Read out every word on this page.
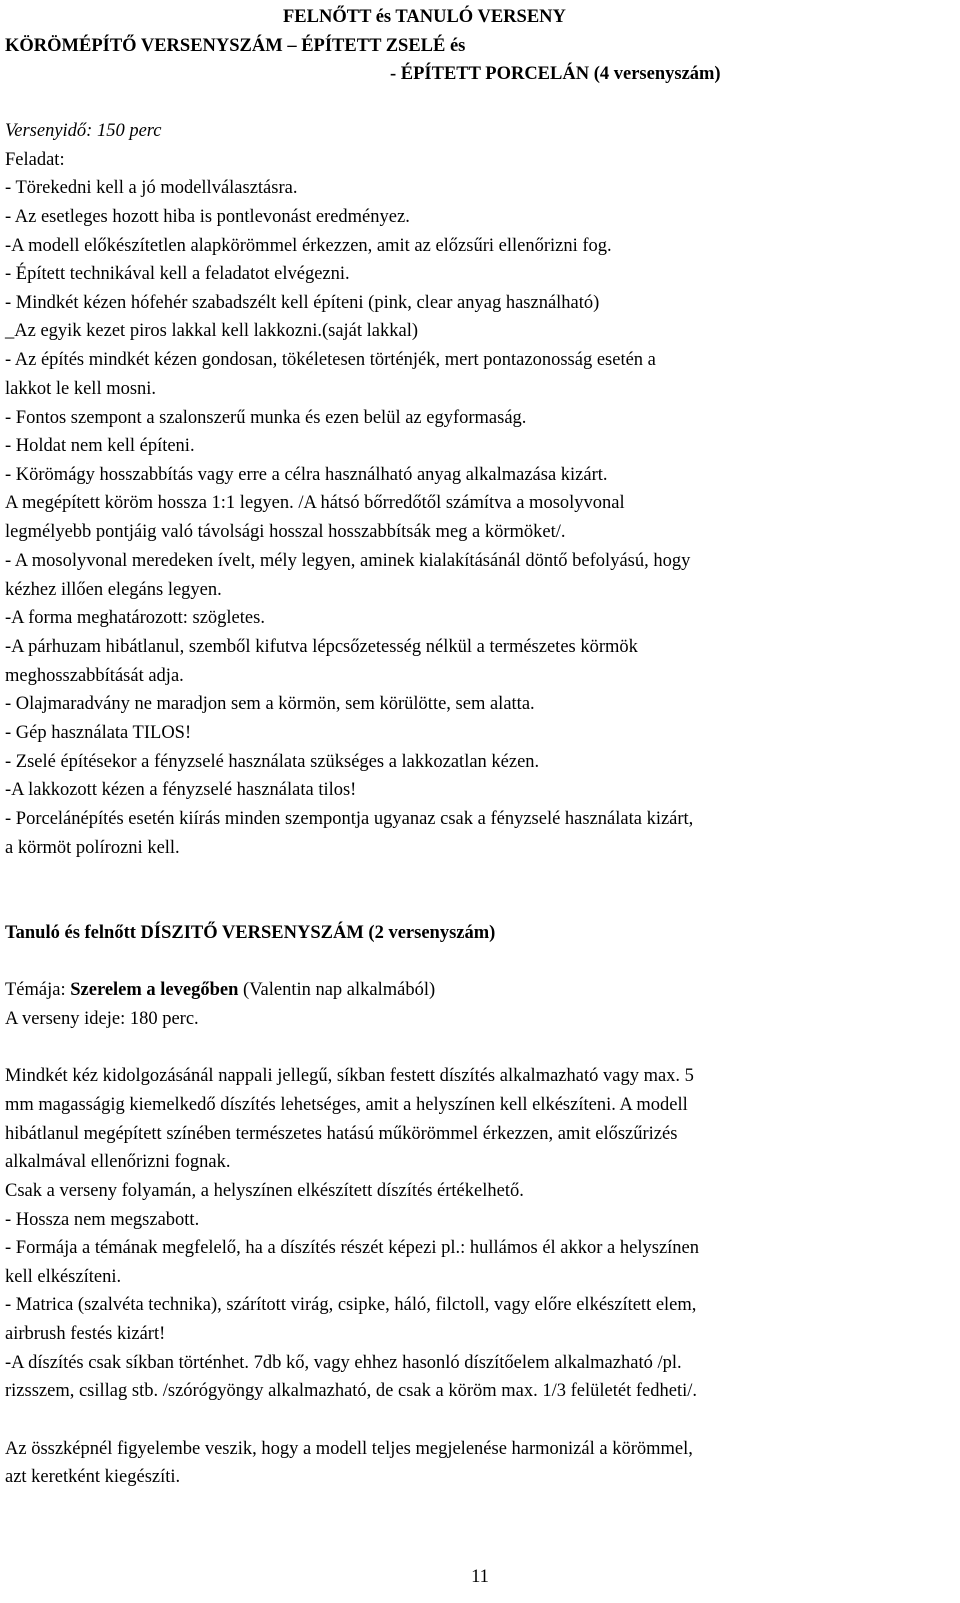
FELNŐTT és TANULÓ VERSENY
KÖRÖMÉPÍTŐ VERSENYSZÁM – ÉPÍTETT ZSELÉ és
- ÉPÍTETT PORCELÁN (4 versenyszám)
Versenyidő: 150 perc
Feladat:
- Törekedni kell a jó modellválasztásra.
- Az esetleges hozott hiba is pontlevonást eredményez.
-A modell előkészítetlen alapkörömmel érkezzen, amit az előzsűri ellenőrizni fog.
- Épített technikával kell a feladatot elvégezni.
- Mindkét kézen hófehér szabadszélt kell építeni (pink, clear anyag használható)
_Az egyik kezet piros lakkal kell lakkozni.(saját lakkal)
- Az építés mindkét kézen gondosan, tökéletesen történjék, mert pontazonosság esetén a
lakkot le kell mosni.
- Fontos szempont a szalonszerű munka és ezen belül az egyformaság.
- Holdat nem kell építeni.
- Körömágy hosszabbítás vagy erre a célra használható anyag alkalmazása kizárt.
A megépített köröm hossza 1:1 legyen. /A hátsó bőrredőtől számítva a mosolyvonal
legmélyebb pontjáig való távolsági hosszal hosszabbítsák meg a körmöket/.
- A mosolyvonal meredeken ívelt, mély legyen, aminek kialakításánál döntő befolyású, hogy
kézhez illően elegáns legyen.
-A forma meghatározott: szögletes.
-A párhuzam hibátlanul, szemből kifutva lépcsőzetesség nélkül a természetes körmök
meghosszabbítását adja.
- Olajmaradvány ne maradjon sem a körmön, sem körülötte, sem alatta.
- Gép használata TILOS!
- Zselé építésekor a fényzselé használata szükséges a lakkozatlan kézen.
-A lakkozott kézen a fényzselé használata tilos!
- Porcelánépítés esetén kiírás minden szempontja ugyanaz csak a fényzselé használata kizárt,
a körmöt polírozni kell.
Tanuló és felnőtt DÍSZITŐ VERSENYSZÁM (2 versenyszám)
Témája: Szerelem a levegőben (Valentin nap alkalmából)
A verseny ideje: 180 perc.
Mindkét kéz kidolgozásánál nappali jellegű, síkban festett díszítés alkalmazható vagy max. 5
mm magasságig kiemelkedő díszítés lehetséges, amit a helyszínen kell elkészíteni. A modell
hibátlanul megépített színében természetes hatású műkörömmel érkezzen, amit előszűrizés
alkalmával ellenőrizni fognak.
Csak a verseny folyamán, a helyszínen elkészített díszítés értékelhető.
- Hossza nem megszabott.
- Formája a témának megfelelő, ha a díszítés részét képezi pl.: hullámos él akkor a helyszínen
kell elkészíteni.
- Matrica (szalvéta technika), szárított virág, csipke, háló, filctoll, vagy előre elkészített elem,
airbrush festés kizárt!
-A díszítés csak síkban történhet. 7db kő, vagy ehhez hasonló díszítőelem alkalmazható /pl.
rizsszem, csillag stb. /szórógyöngy alkalmazható, de csak a köröm max. 1/3 felületét fedheti/.
Az összképnél figyelembe veszik, hogy a modell teljes megjelenése harmonizál a körömmel,
azt keretként kiegészíti.
11
